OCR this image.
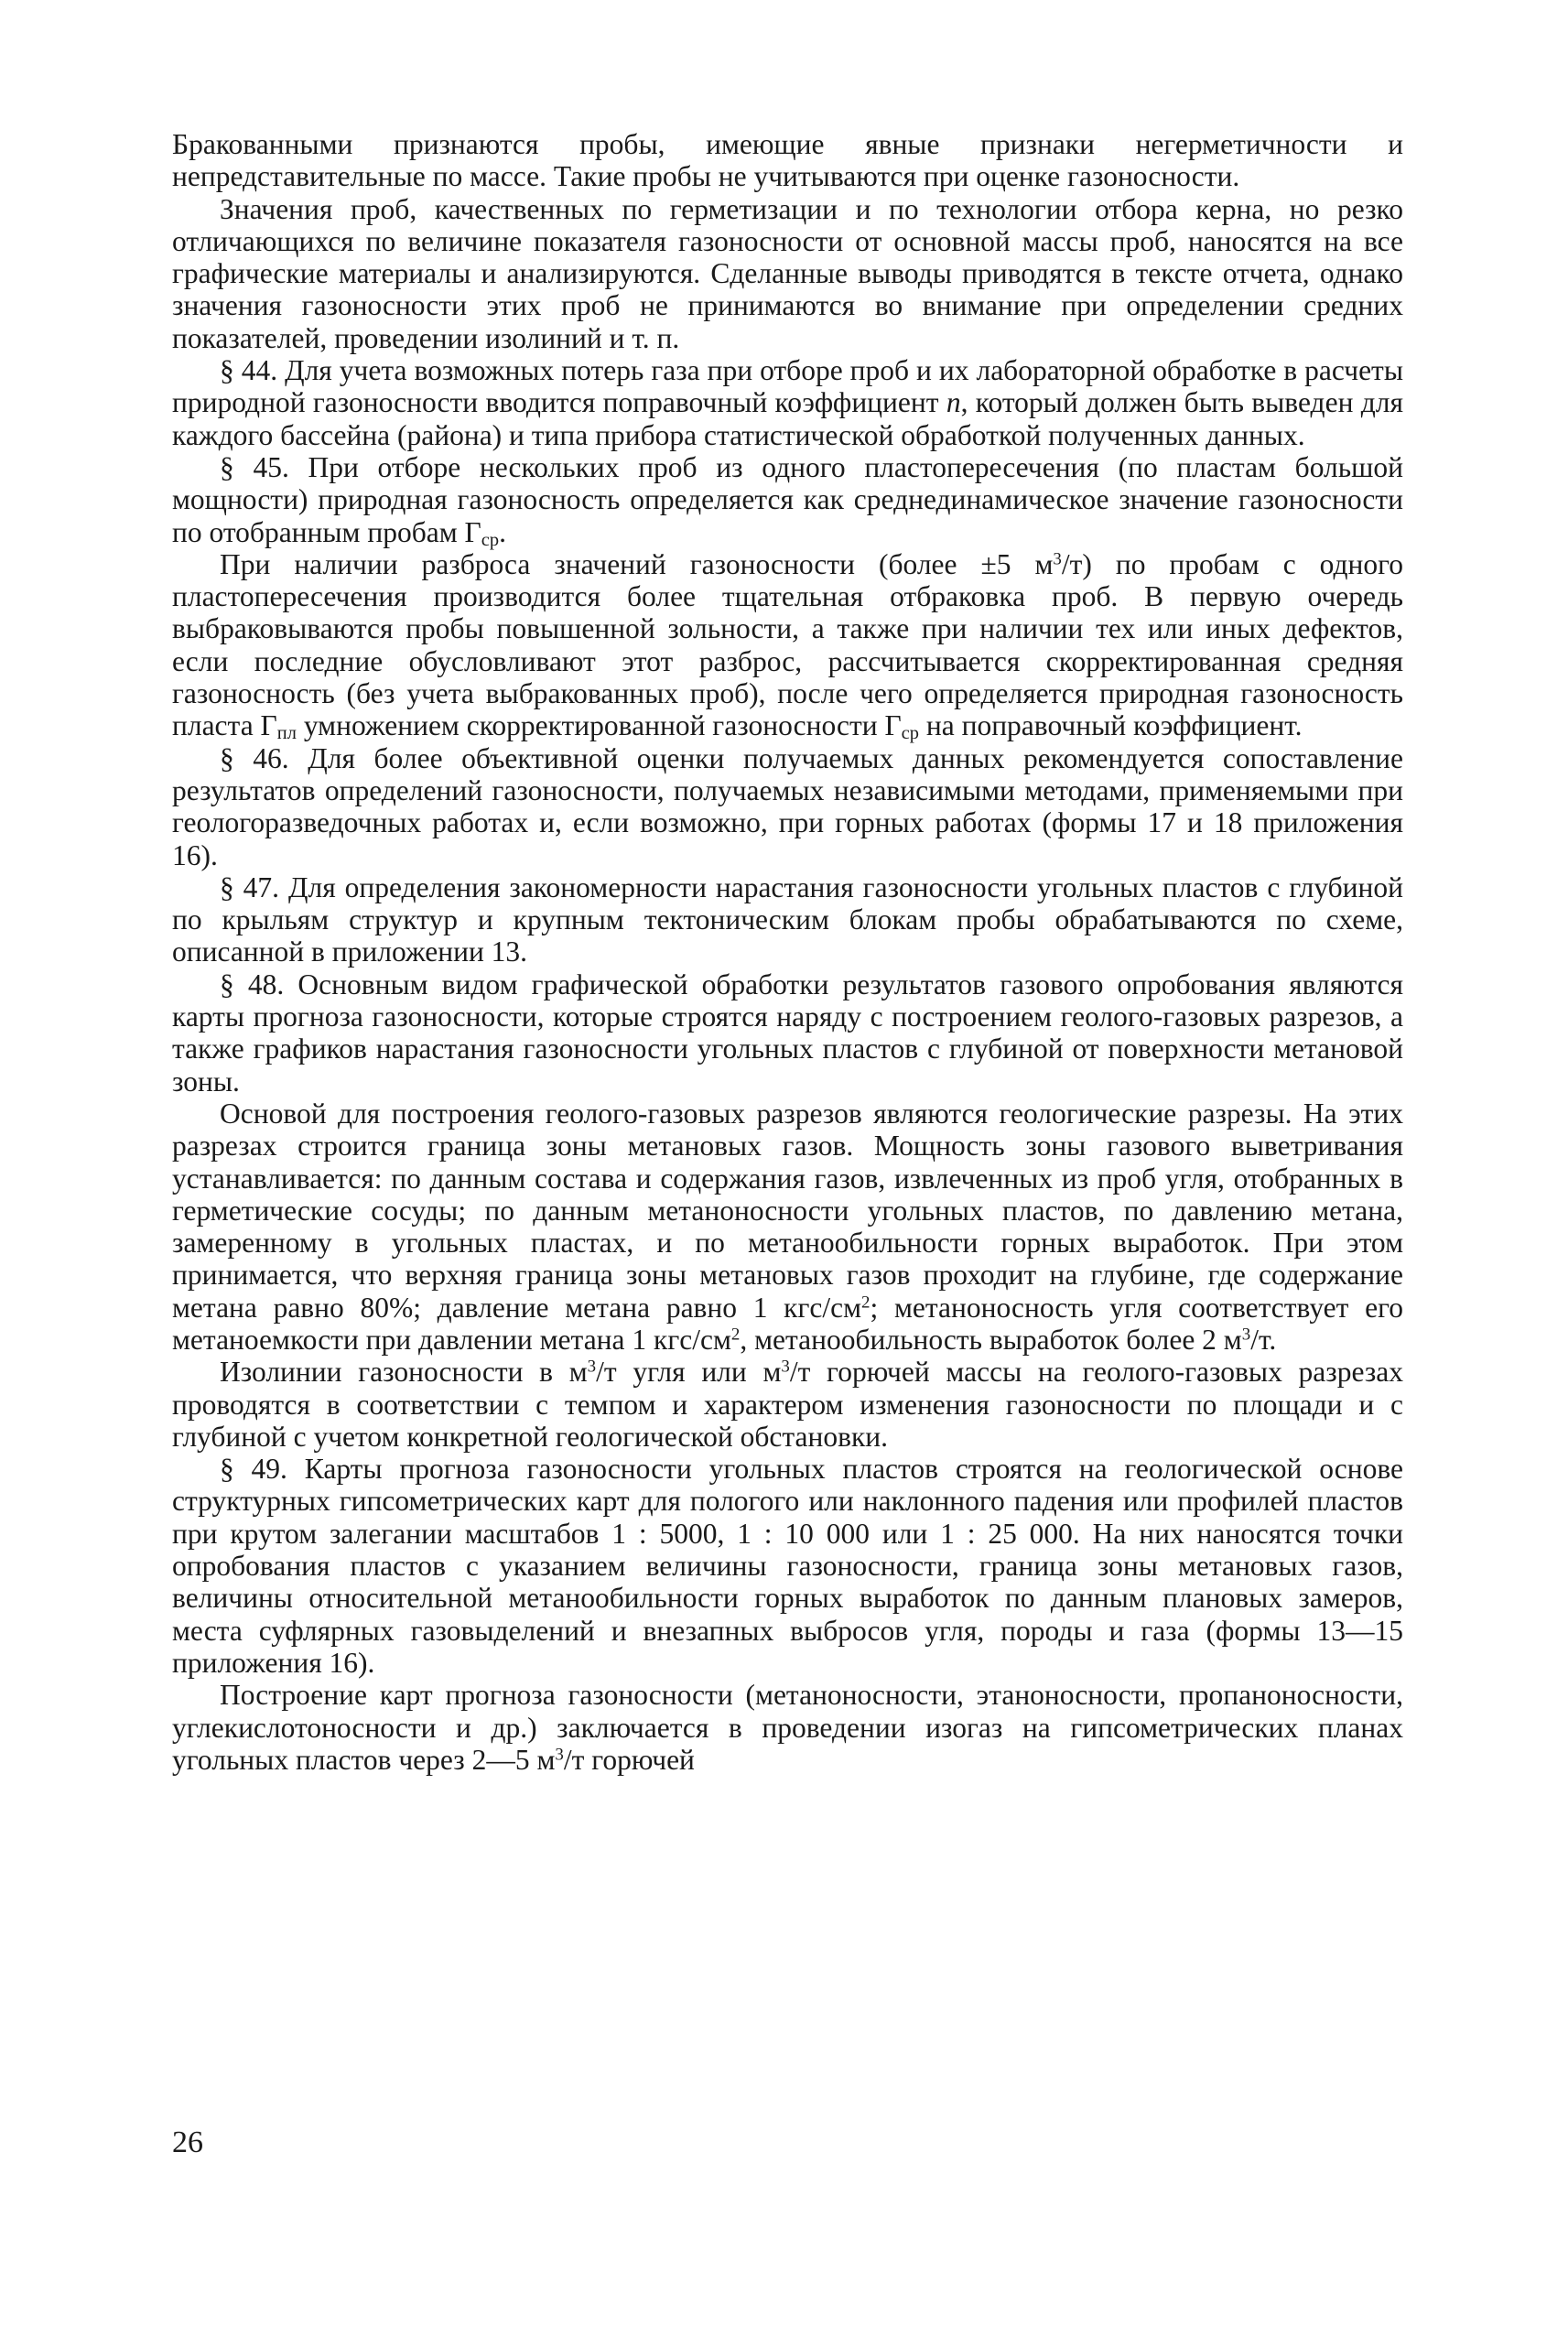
Бракованными признаются пробы, имеющие явные признаки негерметичности и непредставительные по массе. Такие пробы не учитываются при оценке газоносности.

Значения проб, качественных по герметизации и по технологии отбора керна, но резко отличающихся по величине показателя газоносности от основной массы проб, наносятся на все графические материалы и анализируются. Сделанные выводы приводятся в тексте отчета, однако значения газоносности этих проб не принимаются во внимание при определении средних показателей, проведении изолиний и т. п.

§ 44. Для учета возможных потерь газа при отборе проб и их лабораторной обработке в расчеты природной газоносности вводится поправочный коэффициент n, который должен быть выведен для каждого бассейна (района) и типа прибора статистической обработкой полученных данных.

§ 45. При отборе нескольких проб из одного пластопересечения (по пластам большой мощности) природная газоносность определяется как среднединамическое значение газоносности по отобранным пробам $Г_{ср}$.

При наличии разброса значений газоносности (более ±5 $м^3/т$) по пробам с одного пластопересечения производится более тщательная отбраковка проб. В первую очередь выбраковываются пробы повышенной зольности, а также при наличии тех или иных дефектов, если последние обусловливают этот разброс, рассчитывается скорректированная средняя газоносность (без учета выбракованных проб), после чего определяется природная газоносность пласта $Г_{пл}$ умножением скорректированной газоносности $Г_{ср}$ на поправочный коэффициент.

§ 46. Для более объективной оценки получаемых данных рекомендуется сопоставление результатов определений газоносности, получаемых независимыми методами, применяемыми при геологоразведочных работах и, если возможно, при горных работах (формы 17 и 18 приложения 16).

§ 47. Для определения закономерности нарастания газоносности угольных пластов с глубиной по крыльям структур и крупным тектоническим блокам пробы обрабатываются по схеме, описанной в приложении 13.

§ 48. Основным видом графической обработки результатов газового опробования являются карты прогноза газоносности, которые строятся наряду с построением геолого-газовых разрезов, а также графиков нарастания газоносности угольных пластов с глубиной от поверхности метановой зоны.

Основой для построения геолого-газовых разрезов являются геологические разрезы. На этих разрезах строится граница зоны метановых газов. Мощность зоны газового выветривания устанавливается: по данным состава и содержания газов, извлеченных из проб угля, отобранных в герметические сосуды; по данным метаноносности угольных пластов, по давлению метана, замеренному в угольных пластах, и по метанообильности горных выработок. При этом принимается, что верхняя граница зоны метановых газов проходит на глубине, где содержание метана равно 80%; давление метана равно 1 кгс/$см^2$; метаноносность угля соответствует его метаноемкости при давлении метана 1 кгс/$см^2$, метанообильность выработок более 2 $м^3/т$.

Изолинии газоносности в $м^3/т$ угля или $м^3/т$ горючей массы на геолого-газовых разрезах проводятся в соответствии с темпом и характером изменения газоносности по площади и с глубиной с учетом конкретной геологической обстановки.

§ 49. Карты прогноза газоносности угольных пластов строятся на геологической основе структурных гипсометрических карт для пологого или наклонного падения или профилей пластов при крутом залегании масштабов 1 : 5000, 1 : 10 000 или 1 : 25 000. На них наносятся точки опробования пластов с указанием величины газоносности, граница зоны метановых газов, величины относительной метанообильности горных выработок по данным плановых замеров, места суфлярных газовыделений и внезапных выбросов угля, породы и газа (формы 13—15 приложения 16).

Построение карт прогноза газоносности (метаноносности, этаноносности, пропаноносности, углекислотоносности и др.) заключается в проведении изогаз на гипсометрических планах угольных пластов через 2—5 $м^3/т$ горючей

26
